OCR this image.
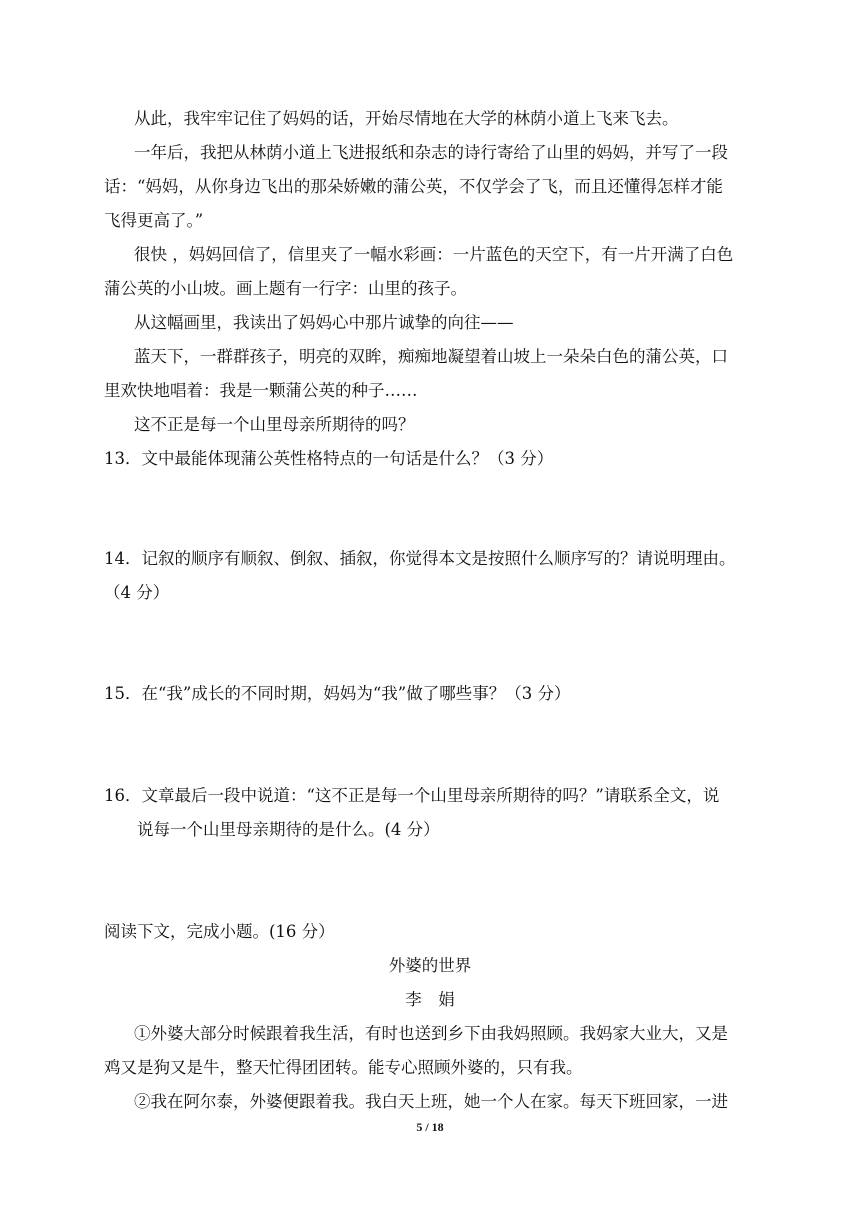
从此，我牢牢记住了妈妈的话，开始尽情地在大学的林荫小道上飞来飞去。

一年后，我把从林荫小道上飞进报纸和杂志的诗行寄给了山里的妈妈，并写了一段

话：“妈妈，从你身边飞出的那朵娇嫩的蒲公英，不仅学会了飞，而且还懂得怎样才能

飞得更高了。”

很快 ，妈妈回信了，信里夹了一幅水彩画：一片蓝色的天空下，有一片开满了白色

蒲公英的小山坡。画上题有一行字：山里的孩子。

从这幅画里，我读出了妈妈心中那片诚挚的向往——

蓝天下，一群群孩子，明亮的双眸，痴痴地凝望着山坡上一朵朵白色的蒲公英，口

里欢快地唱着：我是一颗蒲公英的种子……

这不正是每一个山里母亲所期待的吗？

13．文中最能体现蒲公英性格特点的一句话是什么？（3 分）

14．记叙的顺序有顺叙、倒叙、插叙，你觉得本文是按照什么顺序写的？请说明理由。

（4 分）

15．在“我”成长的不同时期，妈妈为“我”做了哪些事？（3 分）

16．文章最后一段中说道：“这不正是每一个山里母亲所期待的吗？”请联系全文，说

说每一个山里母亲期待的是什么。(4 分）

阅读下文，完成小题。(16 分）

外婆的世界

李　娟

①外婆大部分时候跟着我生活，有时也送到乡下由我妈照顾。我妈家大业大，又是

鸡又是狗又是牛，整天忙得团团转。能专心照顾外婆的，只有我。

②我在阿尔泰，外婆便跟着我。我白天上班，她一个人在家。每天下班回家，一进

5 / 18
